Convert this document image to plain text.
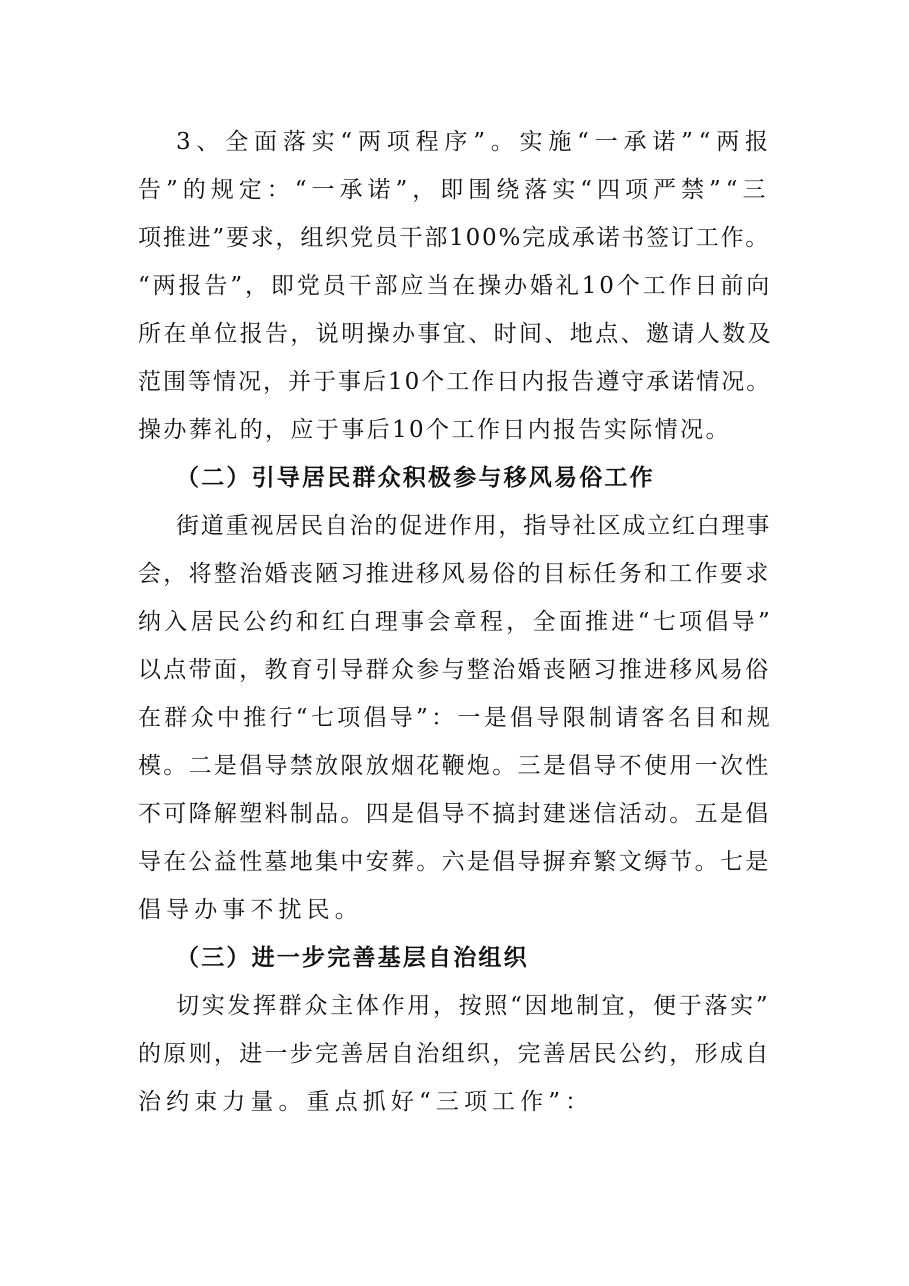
3、全面落实“两项程序”。实施“一承诺”“两报
告”的规定：“一承诺”，即围绕落实“四项严禁”“三
项推进”要求，组织党员干部100%完成承诺书签订工作。
“两报告”，即党员干部应当在操办婚礼10个工作日前向
所在单位报告，说明操办事宜、时间、地点、邀请人数及
范围等情况，并于事后10个工作日内报告遵守承诺情况。
操办葬礼的，应于事后10个工作日内报告实际情况。
（二）引导居民群众积极参与移风易俗工作
街道重视居民自治的促进作用，指导社区成立红白理事
会，将整治婚丧陋习推进移风易俗的目标任务和工作要求
纳入居民公约和红白理事会章程，全面推进“七项倡导”
以点带面，教育引导群众参与整治婚丧陋习推进移风易俗
在群众中推行“七项倡导”：一是倡导限制请客名目和规
模。二是倡导禁放限放烟花鞭炮。三是倡导不使用一次性
不可降解塑料制品。四是倡导不搞封建迷信活动。五是倡
导在公益性墓地集中安葬。六是倡导摒弃繁文缛节。七是
倡导办事不扰民。
（三）进一步完善基层自治组织
切实发挥群众主体作用，按照“因地制宜，便于落实”
的原则，进一步完善居自治组织，完善居民公约，形成自
治约束力量。重点抓好“三项工作”：
